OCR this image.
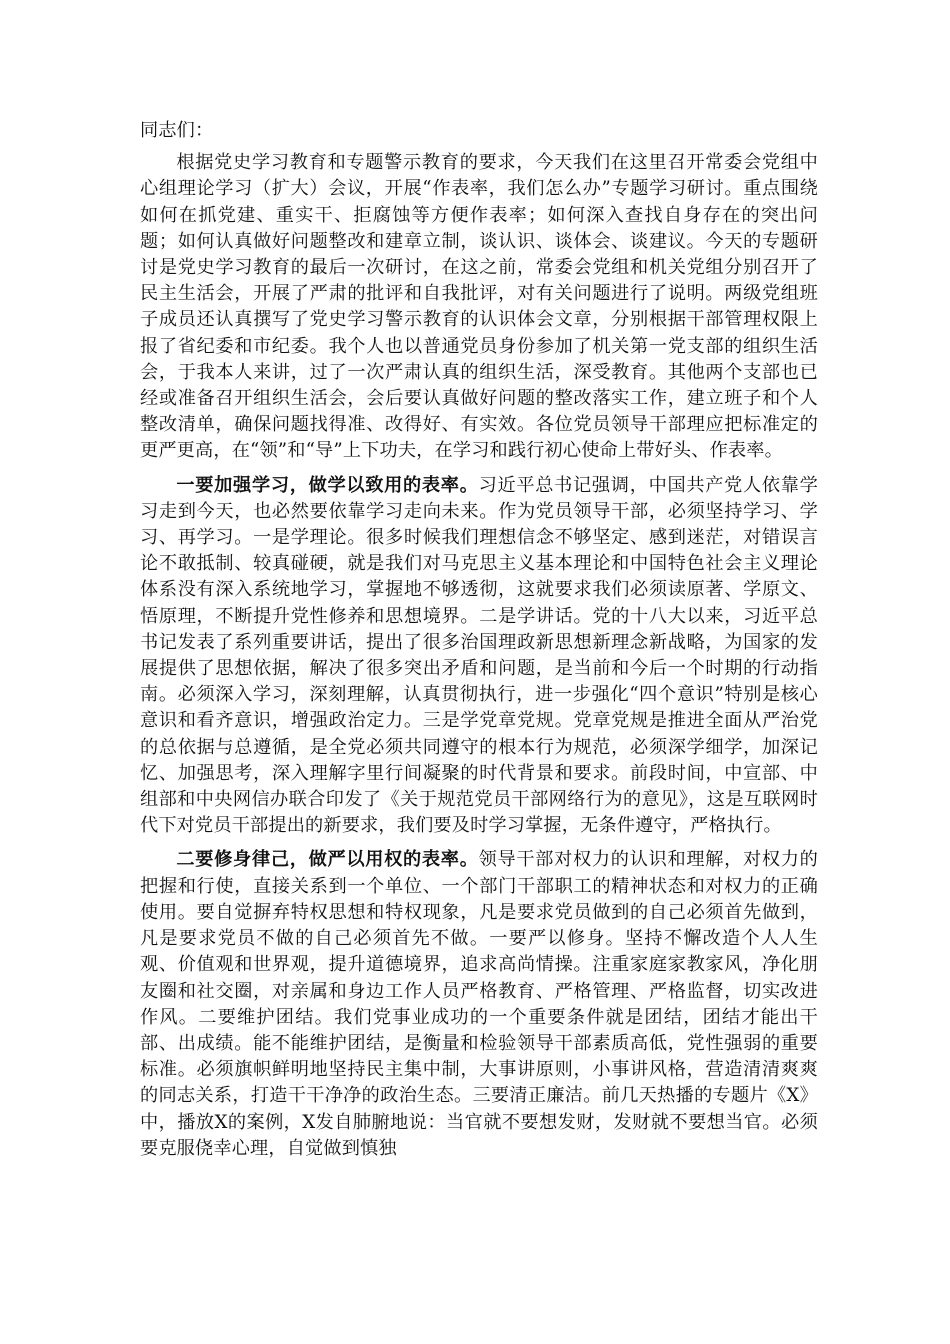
同志们：

根据党史学习教育和专题警示教育的要求，今天我们在这里召开常委会党组中心组理论学习（扩大）会议，开展“作表率，我们怎么办”专题学习研讨。重点围绕如何在抓党建、重实干、拒腐蚀等方便作表率；如何深入查找自身存在的突出问题；如何认真做好问题整改和建章立制，谈认识、谈体会、谈建议。今天的专题研讨是党史学习教育的最后一次研讨，在这之前，常委会党组和机关党组分别召开了民主生活会，开展了严肃的批评和自我批评，对有关问题进行了说明。两级党组班子成员还认真撰写了党史学习警示教育的认识体会文章，分别根据干部管理权限上报了省纪委和市纪委。我个人也以普通党员身份参加了机关第一党支部的组织生活会，于我本人来讲，过了一次严肃认真的组织生活，深受教育。其他两个支部也已经或准备召开组织生活会，会后要认真做好问题的整改落实工作，建立班子和个人整改清单，确保问题找得准、改得好、有实效。各位党员领导干部理应把标准定的更严更高，在“领”和“导”上下功夫，在学习和践行初心使命上带好头、作表率。

一要加强学习，做学以致用的表率。习近平总书记强调，中国共产党人依靠学习走到今天，也必然要依靠学习走向未来。作为党员领导干部，必须坚持学习、学习、再学习。一是学理论。很多时候我们理想信念不够坚定、感到迷茫，对错误言论不敢抵制、较真碰硬，就是我们对马克思主义基本理论和中国特色社会主义理论体系没有深入系统地学习，掌握地不够透彻，这就要求我们必须读原著、学原文、悟原理，不断提升党性修养和思想境界。二是学讲话。党的十八大以来，习近平总书记发表了系列重要讲话，提出了很多治国理政新思想新理念新战略，为国家的发展提供了思想依据，解决了很多突出矛盾和问题，是当前和今后一个时期的行动指南。必须深入学习，深刻理解，认真贯彻执行，进一步强化“四个意识”特别是核心意识和看齐意识，增强政治定力。三是学党章党规。党章党规是推进全面从严治党的总依据与总遵循，是全党必须共同遵守的根本行为规范，必须深学细学，加深记忆、加强思考，深入理解字里行间凝聚的时代背景和要求。前段时间，中宣部、中组部和中央网信办联合印发了《关于规范党员干部网络行为的意见》，这是互联网时代下对党员干部提出的新要求，我们要及时学习掌握，无条件遵守，严格执行。

二要修身律己，做严以用权的表率。领导干部对权力的认识和理解，对权力的把握和行使，直接关系到一个单位、一个部门干部职工的精神状态和对权力的正确使用。要自觉摒弃特权思想和特权现象，凡是要求党员做到的自己必须首先做到，凡是要求党员不做的自己必须首先不做。一要严以修身。坚持不懈改造个人人生观、价值观和世界观，提升道德境界，追求高尚情操。注重家庭家教家风，净化朋友圈和社交圈，对亲属和身边工作人员严格教育、严格管理、严格监督，切实改进作风。二要维护团结。我们党事业成功的一个重要条件就是团结，团结才能出干部、出成绩。能不能维护团结，是衡量和检验领导干部素质高低，党性强弱的重要标准。必须旗帜鲜明地坚持民主集中制，大事讲原则，小事讲风格，营造清清爽爽的同志关系，打造干干净净的政治生态。三要清正廉洁。前几天热播的专题片《X》中，播放X的案例，X发自肺腑地说：当官就不要想发财，发财就不要想当官。必须要克服侥幸心理，自觉做到慎独
